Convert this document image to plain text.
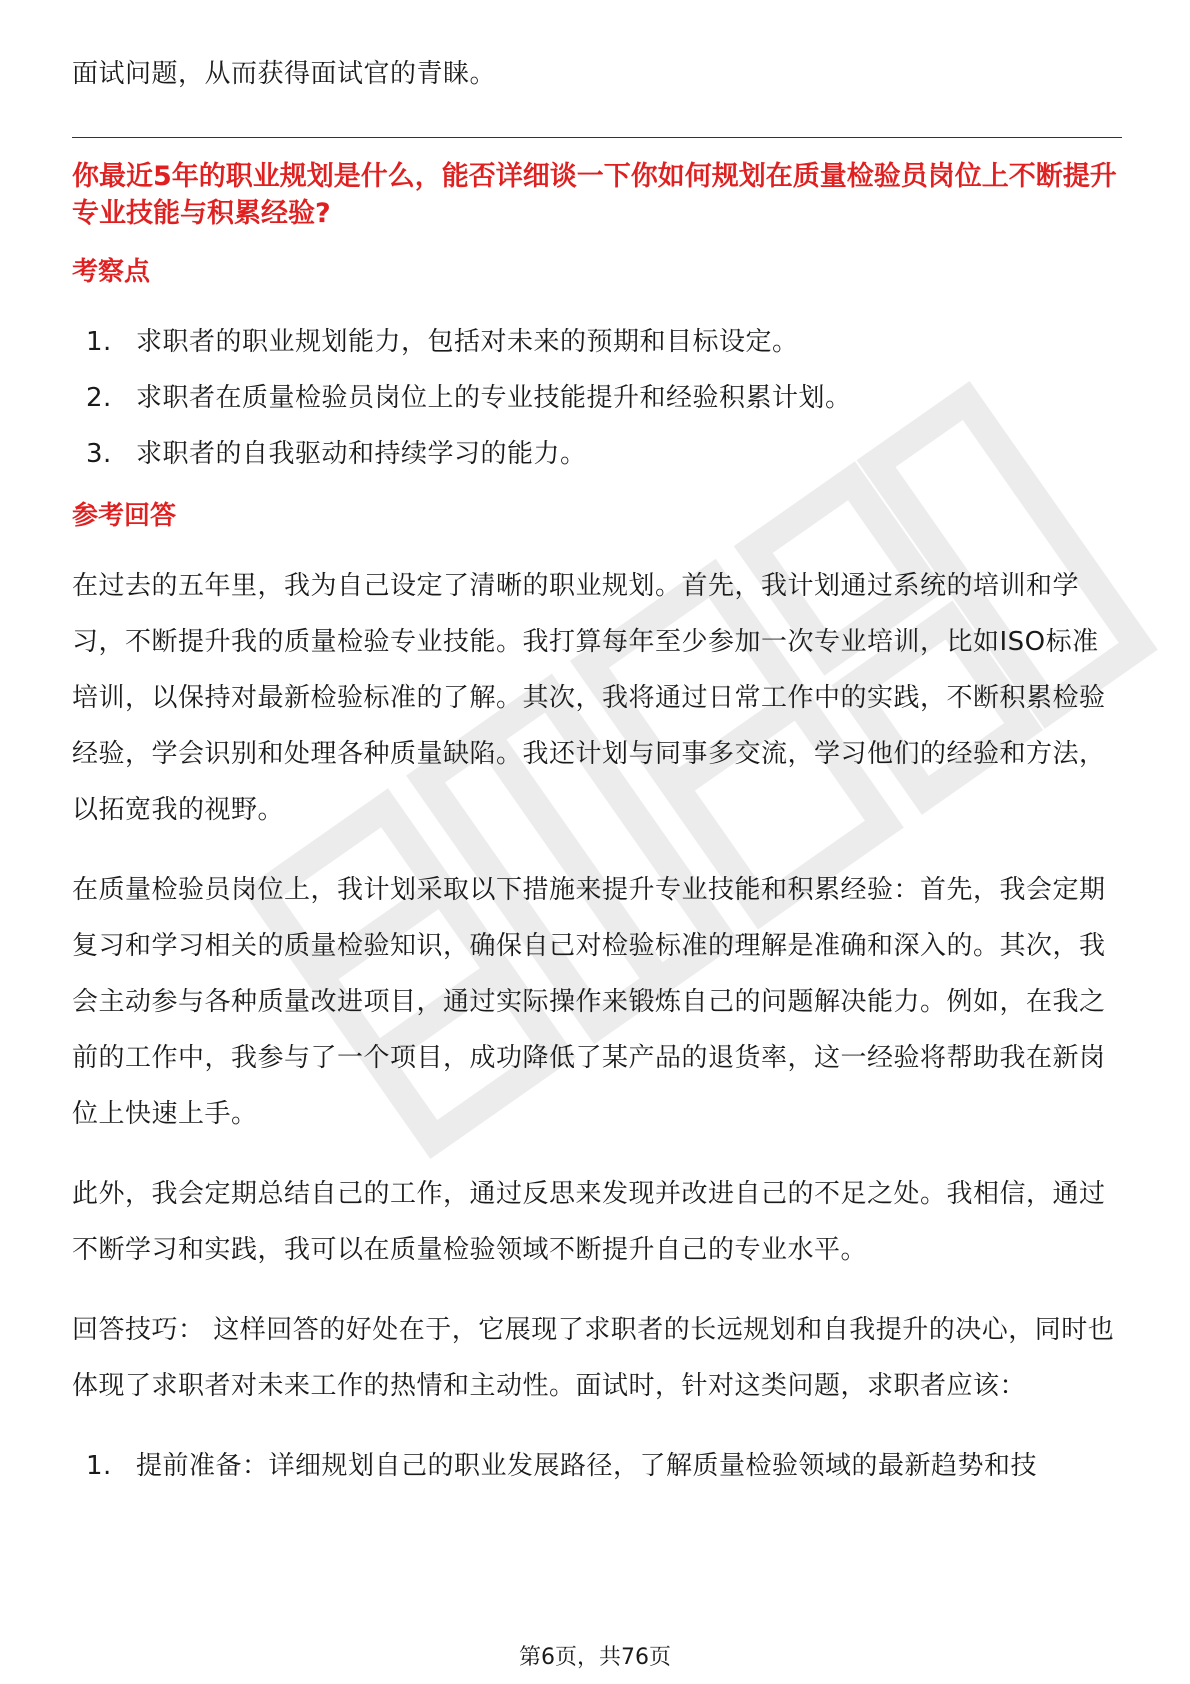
面试问题，从而获得面试官的青睐。

你最近5年的职业规划是什么，能否详细谈一下你如何规划在质量检验员岗位上不断提升专业技能与积累经验?

考察点
1. 求职者的职业规划能力，包括对未来的预期和目标设定。
2. 求职者在质量检验员岗位上的专业技能提升和经验积累计划。
3. 求职者的自我驱动和持续学习的能力。
参考回答

在过去的五年里，我为自己设定了清晰的职业规划。首先，我计划通过系统的培训和学习，不断提升我的质量检验专业技能。我打算每年至少参加一次专业培训，比如ISO标准培训，以保持对最新检验标准的了解。其次，我将通过日常工作中的实践，不断积累检验经验，学会识别和处理各种质量缺陷。我还计划与同事多交流，学习他们的经验和方法，以拓宽我的视野。

在质量检验员岗位上，我计划采取以下措施来提升专业技能和积累经验：首先，我会定期复习和学习相关的质量检验知识，确保自己对检验标准的理解是准确和深入的。其次，我会主动参与各种质量改进项目，通过实际操作来锻炼自己的问题解决能力。例如，在我之前的工作中，我参与了一个项目，成功降低了某产品的退货率，这一经验将帮助我在新岗位上快速上手。

此外，我会定期总结自己的工作，通过反思来发现并改进自己的不足之处。我相信，通过不断学习和实践，我可以在质量检验领域不断提升自己的专业水平。

回答技巧： 这样回答的好处在于，它展现了求职者的长远规划和自我提升的决心，同时也体现了求职者对未来工作的热情和主动性。面试时，针对这类问题，求职者应该：

1. 提前准备：详细规划自己的职业发展路径，了解质量检验领域的最新趋势和技
第6页，共76页
